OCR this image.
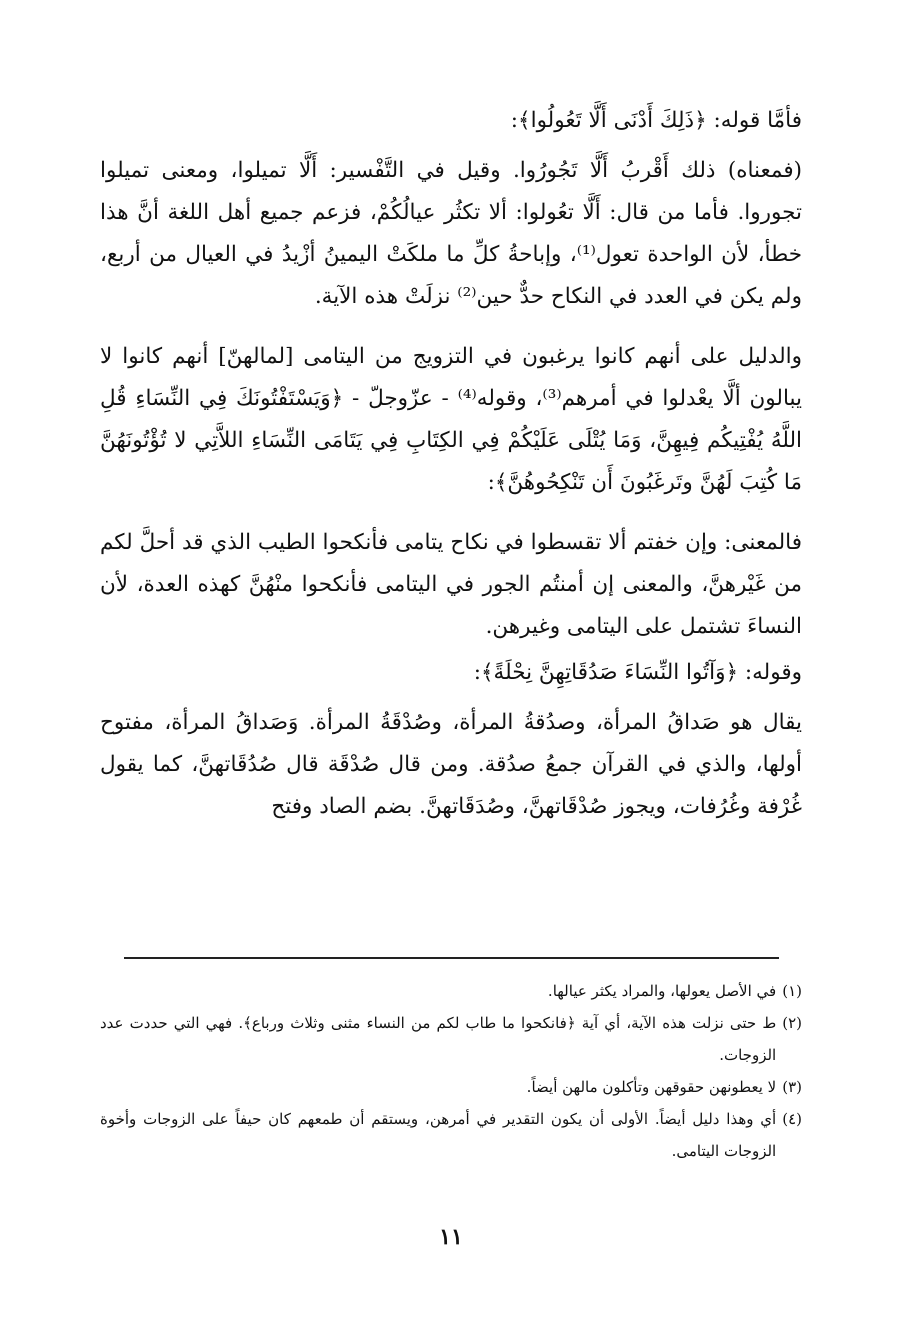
فأمَّا قوله: ﴿ذَلِكَ أَدْنَى أَلَّا تَعُولُوا﴾:

(فمعناه) ذلك أَقْربُ أَلَّا تَجُورُوا. وقيل في التَّفْسير: أَلَّا تميلوا، ومعنى تميلوا تجوروا. فأما من قال: أَلَّا تعُولوا: ألا تكثُر عيالُكُمْ، فزعم جميع أهل اللغة أنَّ هذا خطأ، لأن الواحدة تعول⁽¹⁾، وإباحةُ كلِّ ما ملكَتْ اليمينُ أزْيدُ في العيال من أربع، ولم يكن في العدد في النكاح حدٌّ حين⁽²⁾ نزلَتْ هذه الآية.

والدليل على أنهم كانوا يرغبون في التزويج من اليتامى [لمالهنّ] أنهم كانوا لا يبالون ألَّا يعْدلوا في أمرهم⁽³⁾، وقوله⁽⁴⁾ - عزّوجلّ - ﴿وَيَسْتَفْتُونَكَ فِي النِّسَاءِ قُلِ اللَّهُ يُفْتِيكُم فِيهِنَّ، وَمَا يُتْلَى عَلَيْكُمْ فِي الكِتَابِ فِي يَتَامَى النِّسَاءِ اللاَّتِي لا تُؤْتُونَهُنَّ مَا كُتِبَ لَهُنَّ وتَرغَبُونَ أَن تَنْكِحُوهُنَّ﴾:

فالمعنى: وإن خفتم ألا تقسطوا في نكاح يتامى فأنكحوا الطيب الذي قد أحلَّ لكم من غَيْرهنَّ، والمعنى إن أمنتُم الجور في اليتامى فأنكحوا منْهُنَّ كهذه العدة، لأن النساءَ تشتمل على اليتامى وغيرهن.

وقوله: ﴿وَآتُوا النِّسَاءَ صَدُقَاتِهِنَّ نِحْلَةً﴾:

يقال هو صَداقُ المرأة، وصدُقةُ المرأة، وصُدْقَةُ المرأة. وَصَداقُ المرأة، مفتوح أولها، والذي في القرآن جمعُ صدُقة. ومن قال صُدْقَة قال صُدُقَاتهنَّ، كما يقول غُرْفة وغُرُفات، ويجوز صُدْقَاتهنَّ، وصُدَقَاتهنَّ. بضم الصاد وفتح

(١)
في الأصل يعولها، والمراد يكثر عيالها.
(٢)
ط حتى نزلت هذه الآية، أي آية ﴿فانكحوا ما طاب لكم من النساء مثنى وثلاث ورباع﴾. فهي التي حددت عدد الزوجات.
(٣)
لا يعطونهن حقوقهن وتأكلون مالهن أيضاً.
(٤)
أي وهذا دليل أيضاً. الأولى أن يكون التقدير في أمرهن، ويستقم أن طمعهم كان حيفاً على الزوجات وأخوة الزوجات اليتامى.
١١
